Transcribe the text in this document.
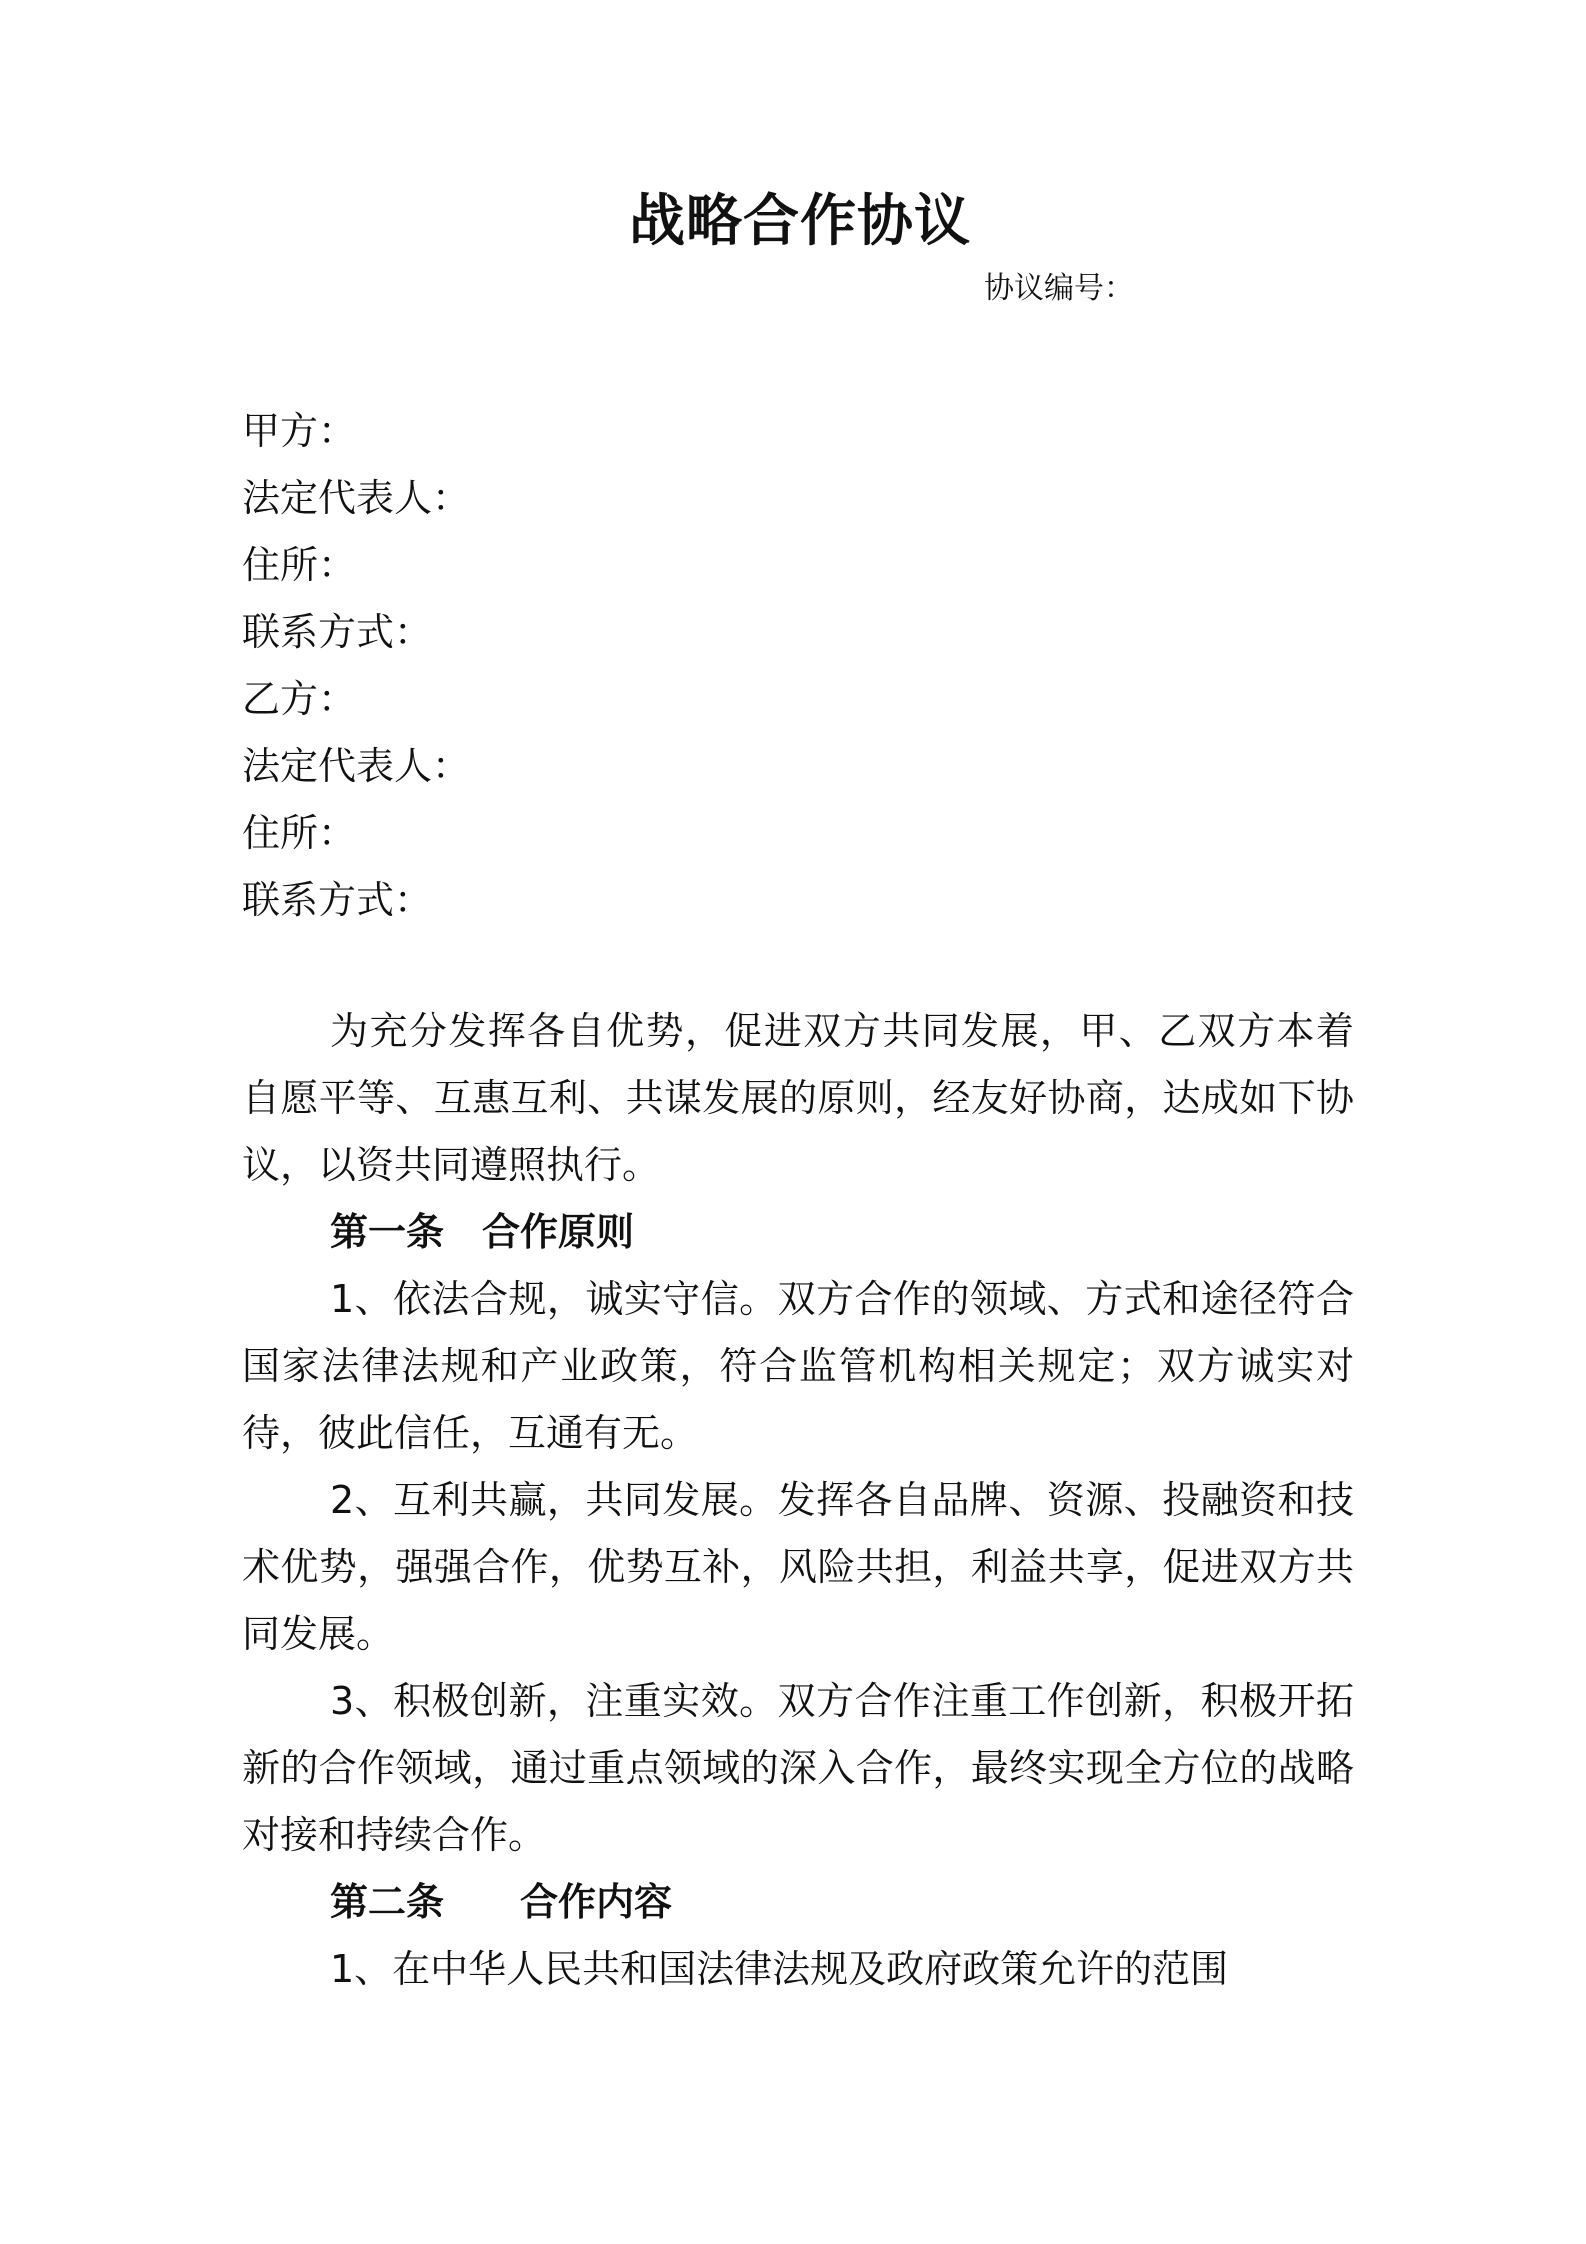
战略合作协议
协议编号：
甲方：
法定代表人：
住所：
联系方式：
乙方：
法定代表人：
住所：
联系方式：

为充分发挥各自优势，促进双方共同发展，甲、乙双方本着自愿平等、互惠互利、共谋发展的原则，经友好协商，达成如下协议，以资共同遵照执行。

第一条　合作原则

1、依法合规，诚实守信。双方合作的领域、方式和途径符合国家法律法规和产业政策，符合监管机构相关规定；双方诚实对待，彼此信任，互通有无。

2、互利共赢，共同发展。发挥各自品牌、资源、投融资和技术优势，强强合作，优势互补，风险共担，利益共享，促进双方共同发展。

3、积极创新，注重实效。双方合作注重工作创新，积极开拓新的合作领域，通过重点领域的深入合作，最终实现全方位的战略对接和持续合作。

第二条　　合作内容

1、在中华人民共和国法律法规及政府政策允许的范围
